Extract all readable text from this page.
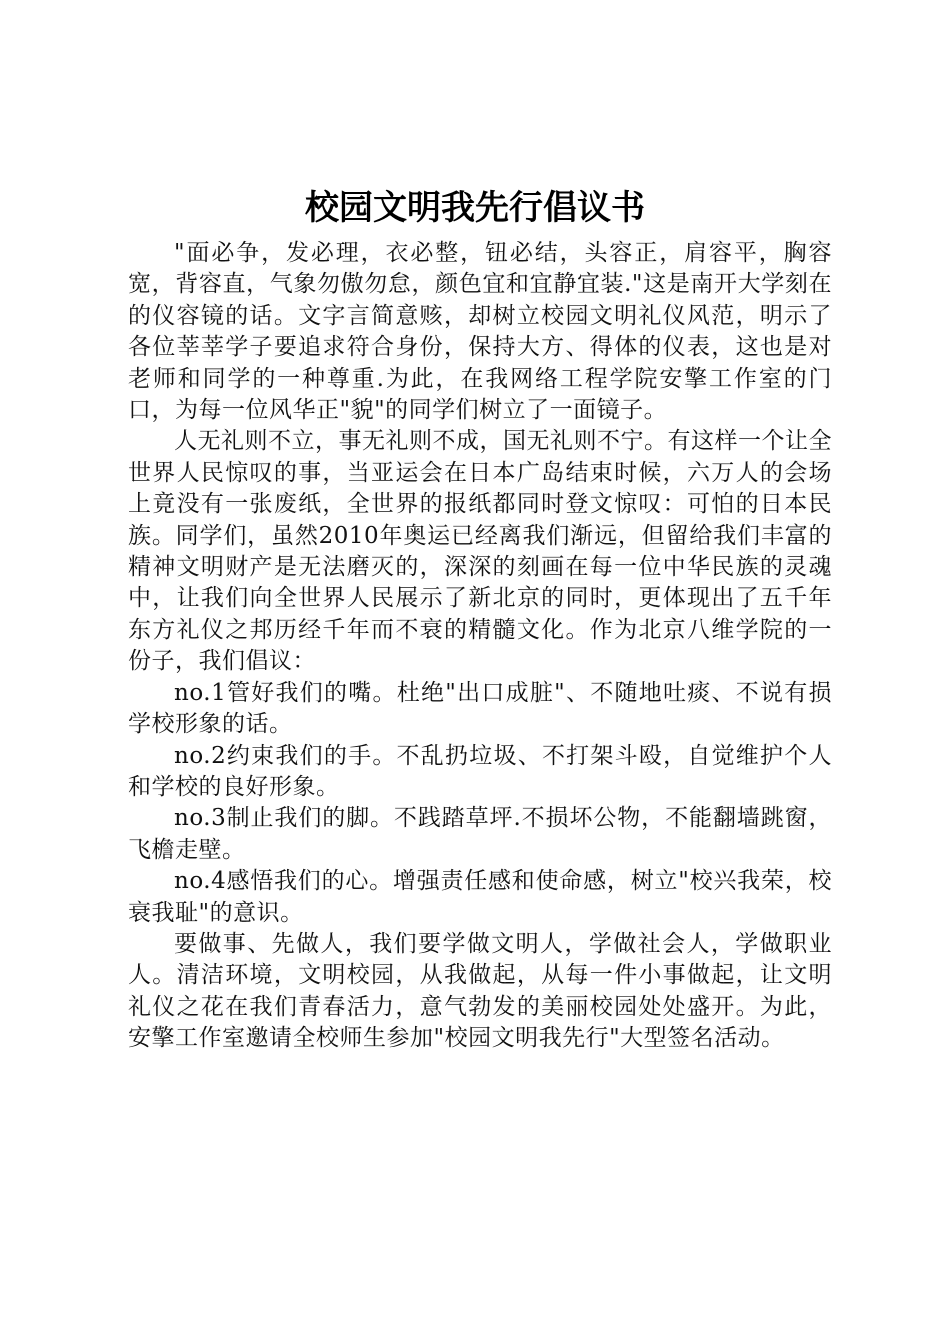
校园文明我先行倡议书

"面必争，发必理，衣必整，钮必结，头容正，肩容平，胸容宽，背容直，气象勿傲勿怠，颜色宜和宜静宜装."这是南开大学刻在的仪容镜的话。文字言简意赅，却树立校园文明礼仪风范，明示了各位莘莘学子要追求符合身份，保持大方、得体的仪表，这也是对老师和同学的一种尊重.为此，在我网络工程学院安擎工作室的门口，为每一位风华正"貌"的同学们树立了一面镜子。

人无礼则不立，事无礼则不成，国无礼则不宁。有这样一个让全世界人民惊叹的事，当亚运会在日本广岛结束时候，六万人的会场上竟没有一张废纸，全世界的报纸都同时登文惊叹：可怕的日本民族。同学们，虽然2010年奥运已经离我们渐远，但留给我们丰富的精神文明财产是无法磨灭的，深深的刻画在每一位中华民族的灵魂中，让我们向全世界人民展示了新北京的同时，更体现出了五千年东方礼仪之邦历经千年而不衰的精髓文化。作为北京八维学院的一份子，我们倡议：

no.1管好我们的嘴。杜绝"出口成脏"、不随地吐痰、不说有损学校形象的话。

no.2约束我们的手。不乱扔垃圾、不打架斗殴，自觉维护个人和学校的良好形象。

no.3制止我们的脚。不践踏草坪.不损坏公物，不能翻墙跳窗，飞檐走壁。

no.4感悟我们的心。增强责任感和使命感，树立"校兴我荣，校衰我耻"的意识。

要做事、先做人，我们要学做文明人，学做社会人，学做职业人。清洁环境，文明校园，从我做起，从每一件小事做起，让文明礼仪之花在我们青春活力，意气勃发的美丽校园处处盛开。为此，安擎工作室邀请全校师生参加"校园文明我先行"大型签名活动。
